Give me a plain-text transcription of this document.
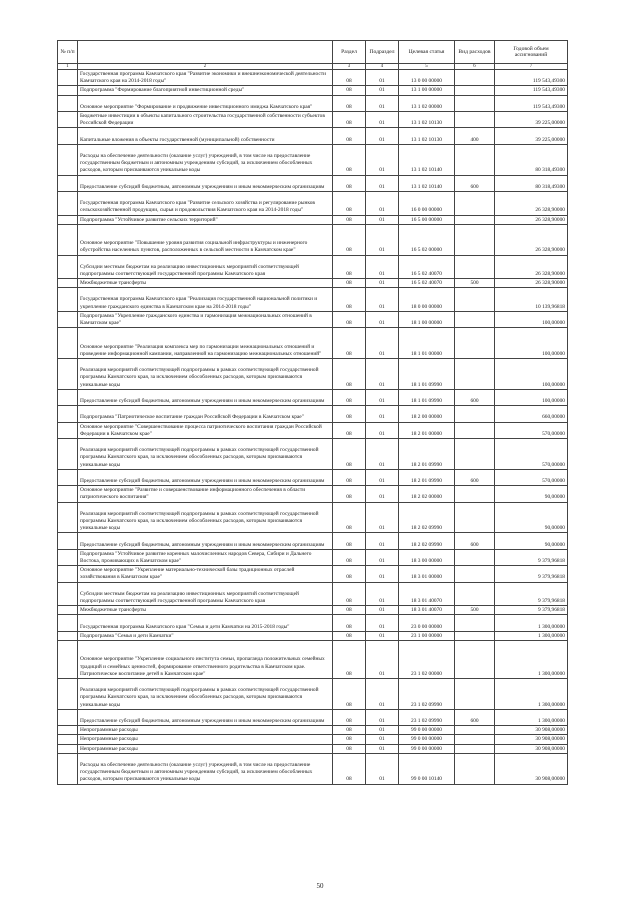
№ п/п		Раздел	Подраздел	Целевая статья	Вид расходов	Годовой объем ассигнований
1	2	3	4	5	6	7
	Государственная программа Камчатского края "Развитие экономики и внешнеэкономической деятельности Камчатского края на 2014-2018 годы"	08	01	13 0 00 00000		119 543,49300
	Подпрограмма "Формирование благоприятной инвестиционной среды"	08	01	13 1 00 00000		119 543,49300
	Основное мероприятие "Формирование и продвижение инвестиционного имиджа Камчатского края"	08	01	13 1 02 00000		119 543,49300
	Бюджетные инвестиции в объекты капитального строительства государственной собственности субъектов Российской Федерации	08	01	13 1 02 10130		39 225,00000
	Капитальные вложения в объекты государственной (муниципальной) собственности	08	01	13 1 02 10130	400	39 225,00000
	Расходы на обеспечение деятельности (оказание услуг) учреждений, в том числе на предоставление государственным бюджетным и автономным учреждениям субсидий, за исключением обособленных расходов, которым присваиваются уникальные коды	08	01	13 1 02 10140		80 318,49300
	Предоставление субсидий бюджетным, автономным учреждениям и иным некоммерческим организациям	08	01	13 1 02 10140	600	80 318,49300
	Государственная программа Камчатского края "Развитие сельского хозяйства и регулирование рынков сельскохозяйственной продукции, сырья и продовольствия Камчатского края на 2014-2018 годы"	08	01	16 0 00 00000		26 328,90000
	Подпрограмма "Устойчивое развитие сельских территорий"	08	01	16 5 00 00000		26 328,90000
	Основное мероприятие "Повышение уровня развития социальной инфраструктуры и инженерного обустройства населенных пунктов, расположенных в сельской местности в Камчатском крае"	08	01	16 5 02 00000		26 328,90000
	Субсидии местным бюджетам на реализацию инвестиционных мероприятий соответствующей подпрограммы соответствующей государственной программы Камчатского края	08	01	16 5 02 40070		26 328,90000
	Межбюджетные трансферты	08	01	16 5 02 40070	500	26 328,90000
	Государственная программа Камчатского края "Реализация государственной национальной политики и укрепление гражданского единства в Камчатском крае на 2014-2018 годы"	08	01	18 0 00 00000		10 139,96818
	Подпрограмма "Укрепление гражданского единства и гармонизация межнациональных отношений в Камчатском крае"	08	01	18 1 00 00000		100,00000
	Основное мероприятие "Реализация комплекса мер по гармонизации межнациональных отношений и проведение информационной кампании, направленной на гармонизацию межнациональных отношений"	08	01	18 1 01 00000		100,00000
	Реализация мероприятий соответствующей подпрограммы в рамках соответствующей государственной программы Камчатского края, за исключением обособленных расходов, которым присваиваются уникальные коды	08	01	18 1 01 09990		100,00000
	Предоставление субсидий бюджетным, автономным учреждениям и иным некоммерческим организациям	08	01	18 1 01 09990	600	100,00000
	Подпрограмма "Патриотическое воспитание граждан Российской Федерации в Камчатском крае"	08	01	18 2 00 00000		660,00000
	Основное мероприятие "Совершенствование процесса патриотического воспитания граждан Российской Федерации в Камчатском крае"	08	01	18 2 01 00000		570,00000
	Реализация мероприятий соответствующей подпрограммы в рамках соответствующей государственной программы Камчатского края, за исключением обособленных расходов, которым присваиваются уникальные коды	08	01	18 2 01 09990		570,00000
	Предоставление субсидий бюджетным, автономным учреждениям и иным некоммерческим организациям	08	01	18 2 01 09990	600	570,00000
	Основное мероприятие "Развитие и совершенствование информационного обеспечения в области патриотического воспитания"	08	01	18 2 02 00000		90,00000
	Реализация мероприятий соответствующей подпрограммы в рамках соответствующей государственной программы Камчатского края, за исключением обособленных расходов, которым присваиваются уникальные коды	08	01	18 2 02 09990		90,00000
	Предоставление субсидий бюджетным, автономным учреждениям и иным некоммерческим организациям	08	01	18 2 02 09990	600	90,00000
	Подпрограмма "Устойчивое развитие коренных малочисленных народов Севера, Сибири и Дальнего Востока, проживающих в Камчатском крае"	08	01	18 3 00 00000		9 379,96818
	Основное мероприятие "Укрепление материально-технической базы традиционных отраслей хозяйствования в Камчатском крае"	08	01	18 3 01 00000		9 379,96818
	Субсидии местным бюджетам на реализацию инвестиционных мероприятий соответствующей подпрограммы соответствующей государственной программы Камчатского края	08	01	18 3 01 40070		9 379,96818
	Межбюджетные трансферты	08	01	18 3 01 40070	500	9 379,96818
	Государственная программа Камчатского края "Семья и дети Камчатки на 2015-2018 годы"	08	01	23 0 00 00000		1 300,00000
	Подпрограмма "Семья и дети Камчатки"	08	01	23 1 00 00000		1 300,00000
	Основное мероприятие "Укрепление социального института семьи, пропаганда положительных семейных традиций и семейных ценностей, формирование ответственного родительства в Камчатском крае. Патриотическое воспитание детей в Камчатском крае"	08	01	23 1 02 00000		1 300,00000
	Реализация мероприятий соответствующей подпрограммы в рамках соответствующей государственной программы Камчатского края, за исключением обособленных расходов, которым присваиваются уникальные коды	08	01	23 1 02 09990		1 300,00000
	Предоставление субсидий бюджетным, автономным учреждениям и иным некоммерческим организациям	08	01	23 1 02 09990	600	1 300,00000
	Непрограммные расходы	08	01	99 0 00 00000		30 908,00000
	Непрограммные расходы	08	01	99 0 00 00000		30 908,00000
	Непрограммные расходы	08	01	99 0 00 00000		30 908,00000
	Расходы на обеспечение деятельности (оказание услуг) учреждений, в том числе на предоставление государственным бюджетным и автономным учреждениям субсидий, за исключением обособленных расходов, которым присваиваются уникальные коды	08	01	99 0 00 10140		30 908,00000
50
